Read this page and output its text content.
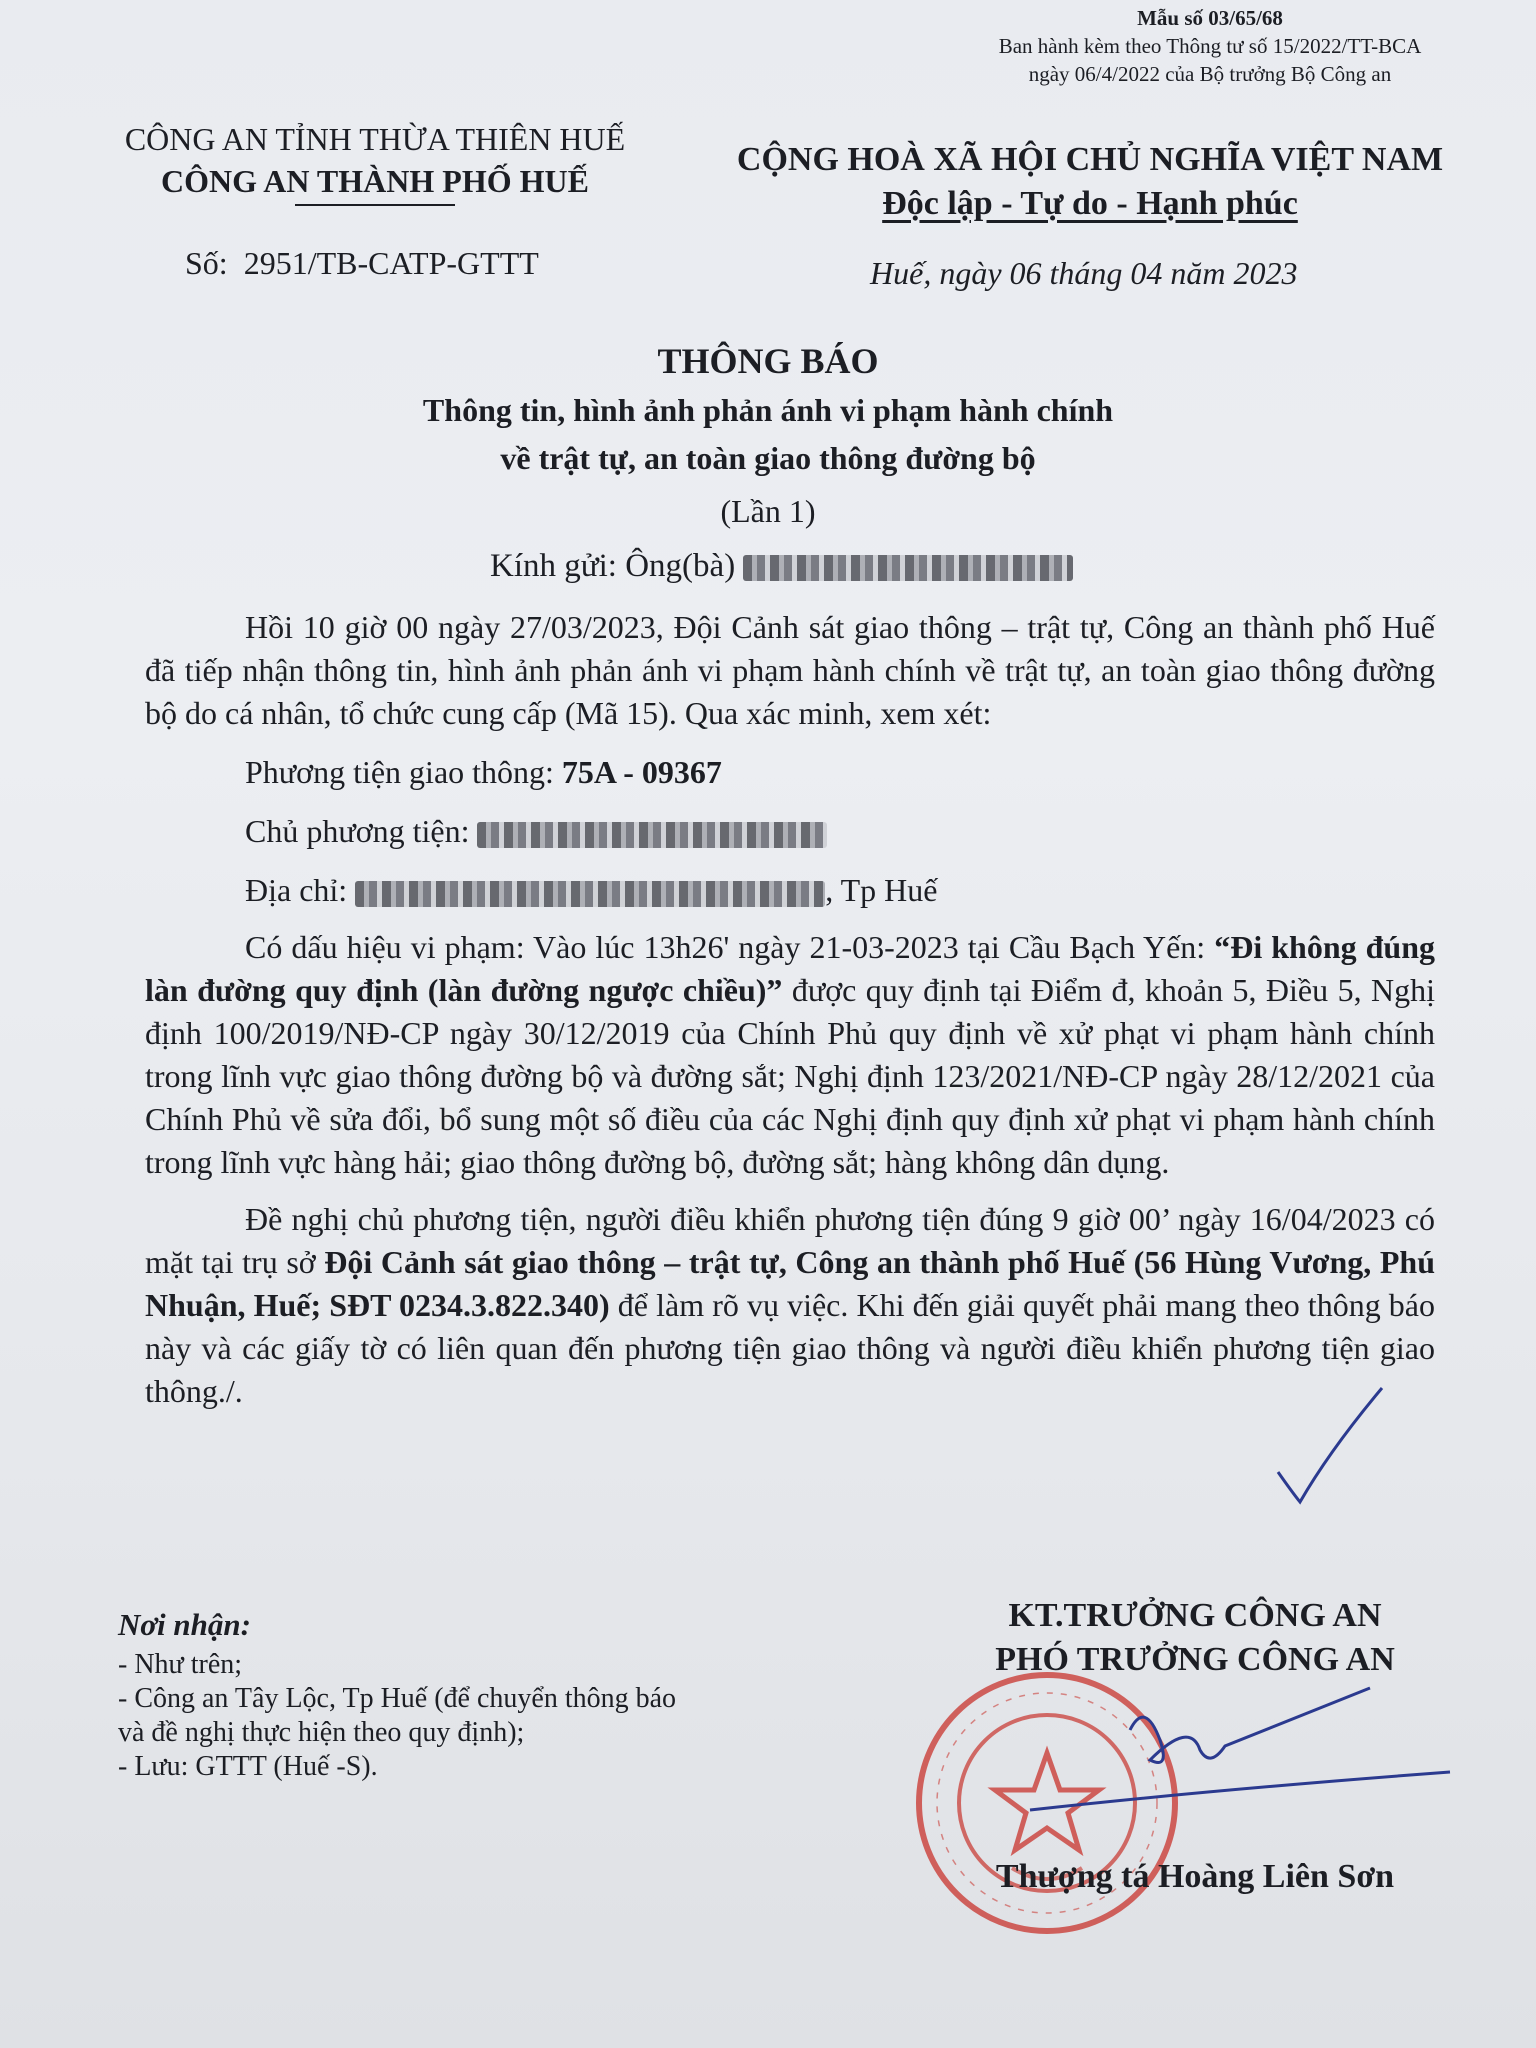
Mẫu số 03/65/68
Ban hành kèm theo Thông tư số 15/2022/TT-BCA
ngày 06/4/2022 của Bộ trưởng Bộ Công an
CÔNG AN TỈNH THỪA THIÊN HUẾ
CÔNG AN THÀNH PHỐ HUẾ
CỘNG HOÀ XÃ HỘI CHỦ NGHĨA VIỆT NAM
Độc lập - Tự do - Hạnh phúc
Số: 2951/TB-CATP-GTTT	Huế, ngày 06 tháng 04 năm 2023
THÔNG BÁO
Thông tin, hình ảnh phản ánh vi phạm hành chính
về trật tự, an toàn giao thông đường bộ
(Lần 1)
Kính gửi: Ông(bà)

Hồi 10 giờ 00 ngày 27/03/2023, Đội Cảnh sát giao thông – trật tự, Công an thành phố Huế đã tiếp nhận thông tin, hình ảnh phản ánh vi phạm hành chính về trật tự, an toàn giao thông đường bộ do cá nhân, tổ chức cung cấp (Mã 15). Qua xác minh, xem xét:

Phương tiện giao thông: 75A - 09367

Chủ phương tiện:

Địa chỉ:	, Tp Huế

Có dấu hiệu vi phạm: Vào lúc 13h26' ngày 21-03-2023 tại Cầu Bạch Yến: “Đi không đúng làn đường quy định (làn đường ngược chiều)” được quy định tại Điểm đ, khoản 5, Điều 5, Nghị định 100/2019/NĐ-CP ngày 30/12/2019 của Chính Phủ quy định về xử phạt vi phạm hành chính trong lĩnh vực giao thông đường bộ và đường sắt; Nghị định 123/2021/NĐ-CP ngày 28/12/2021 của Chính Phủ về sửa đổi, bổ sung một số điều của các Nghị định quy định xử phạt vi phạm hành chính trong lĩnh vực hàng hải; giao thông đường bộ, đường sắt; hàng không dân dụng.

Đề nghị chủ phương tiện, người điều khiển phương tiện đúng 9 giờ 00’ ngày 16/04/2023 có mặt tại trụ sở Đội Cảnh sát giao thông – trật tự, Công an thành phố Huế (56 Hùng Vương, Phú Nhuận, Huế; SĐT 0234.3.822.340) để làm rõ vụ việc. Khi đến giải quyết phải mang theo thông báo này và các giấy tờ có liên quan đến phương tiện giao thông và người điều khiển phương tiện giao thông./.

Nơi nhận:
- Như trên;
- Công an Tây Lộc, Tp Huế (để chuyển thông báo
và đề nghị thực hiện theo quy định);
- Lưu: GTTT (Huế -S).
KT.TRƯỞNG CÔNG AN
PHÓ TRƯỞNG CÔNG AN
Thượng tá Hoàng Liên Sơn
